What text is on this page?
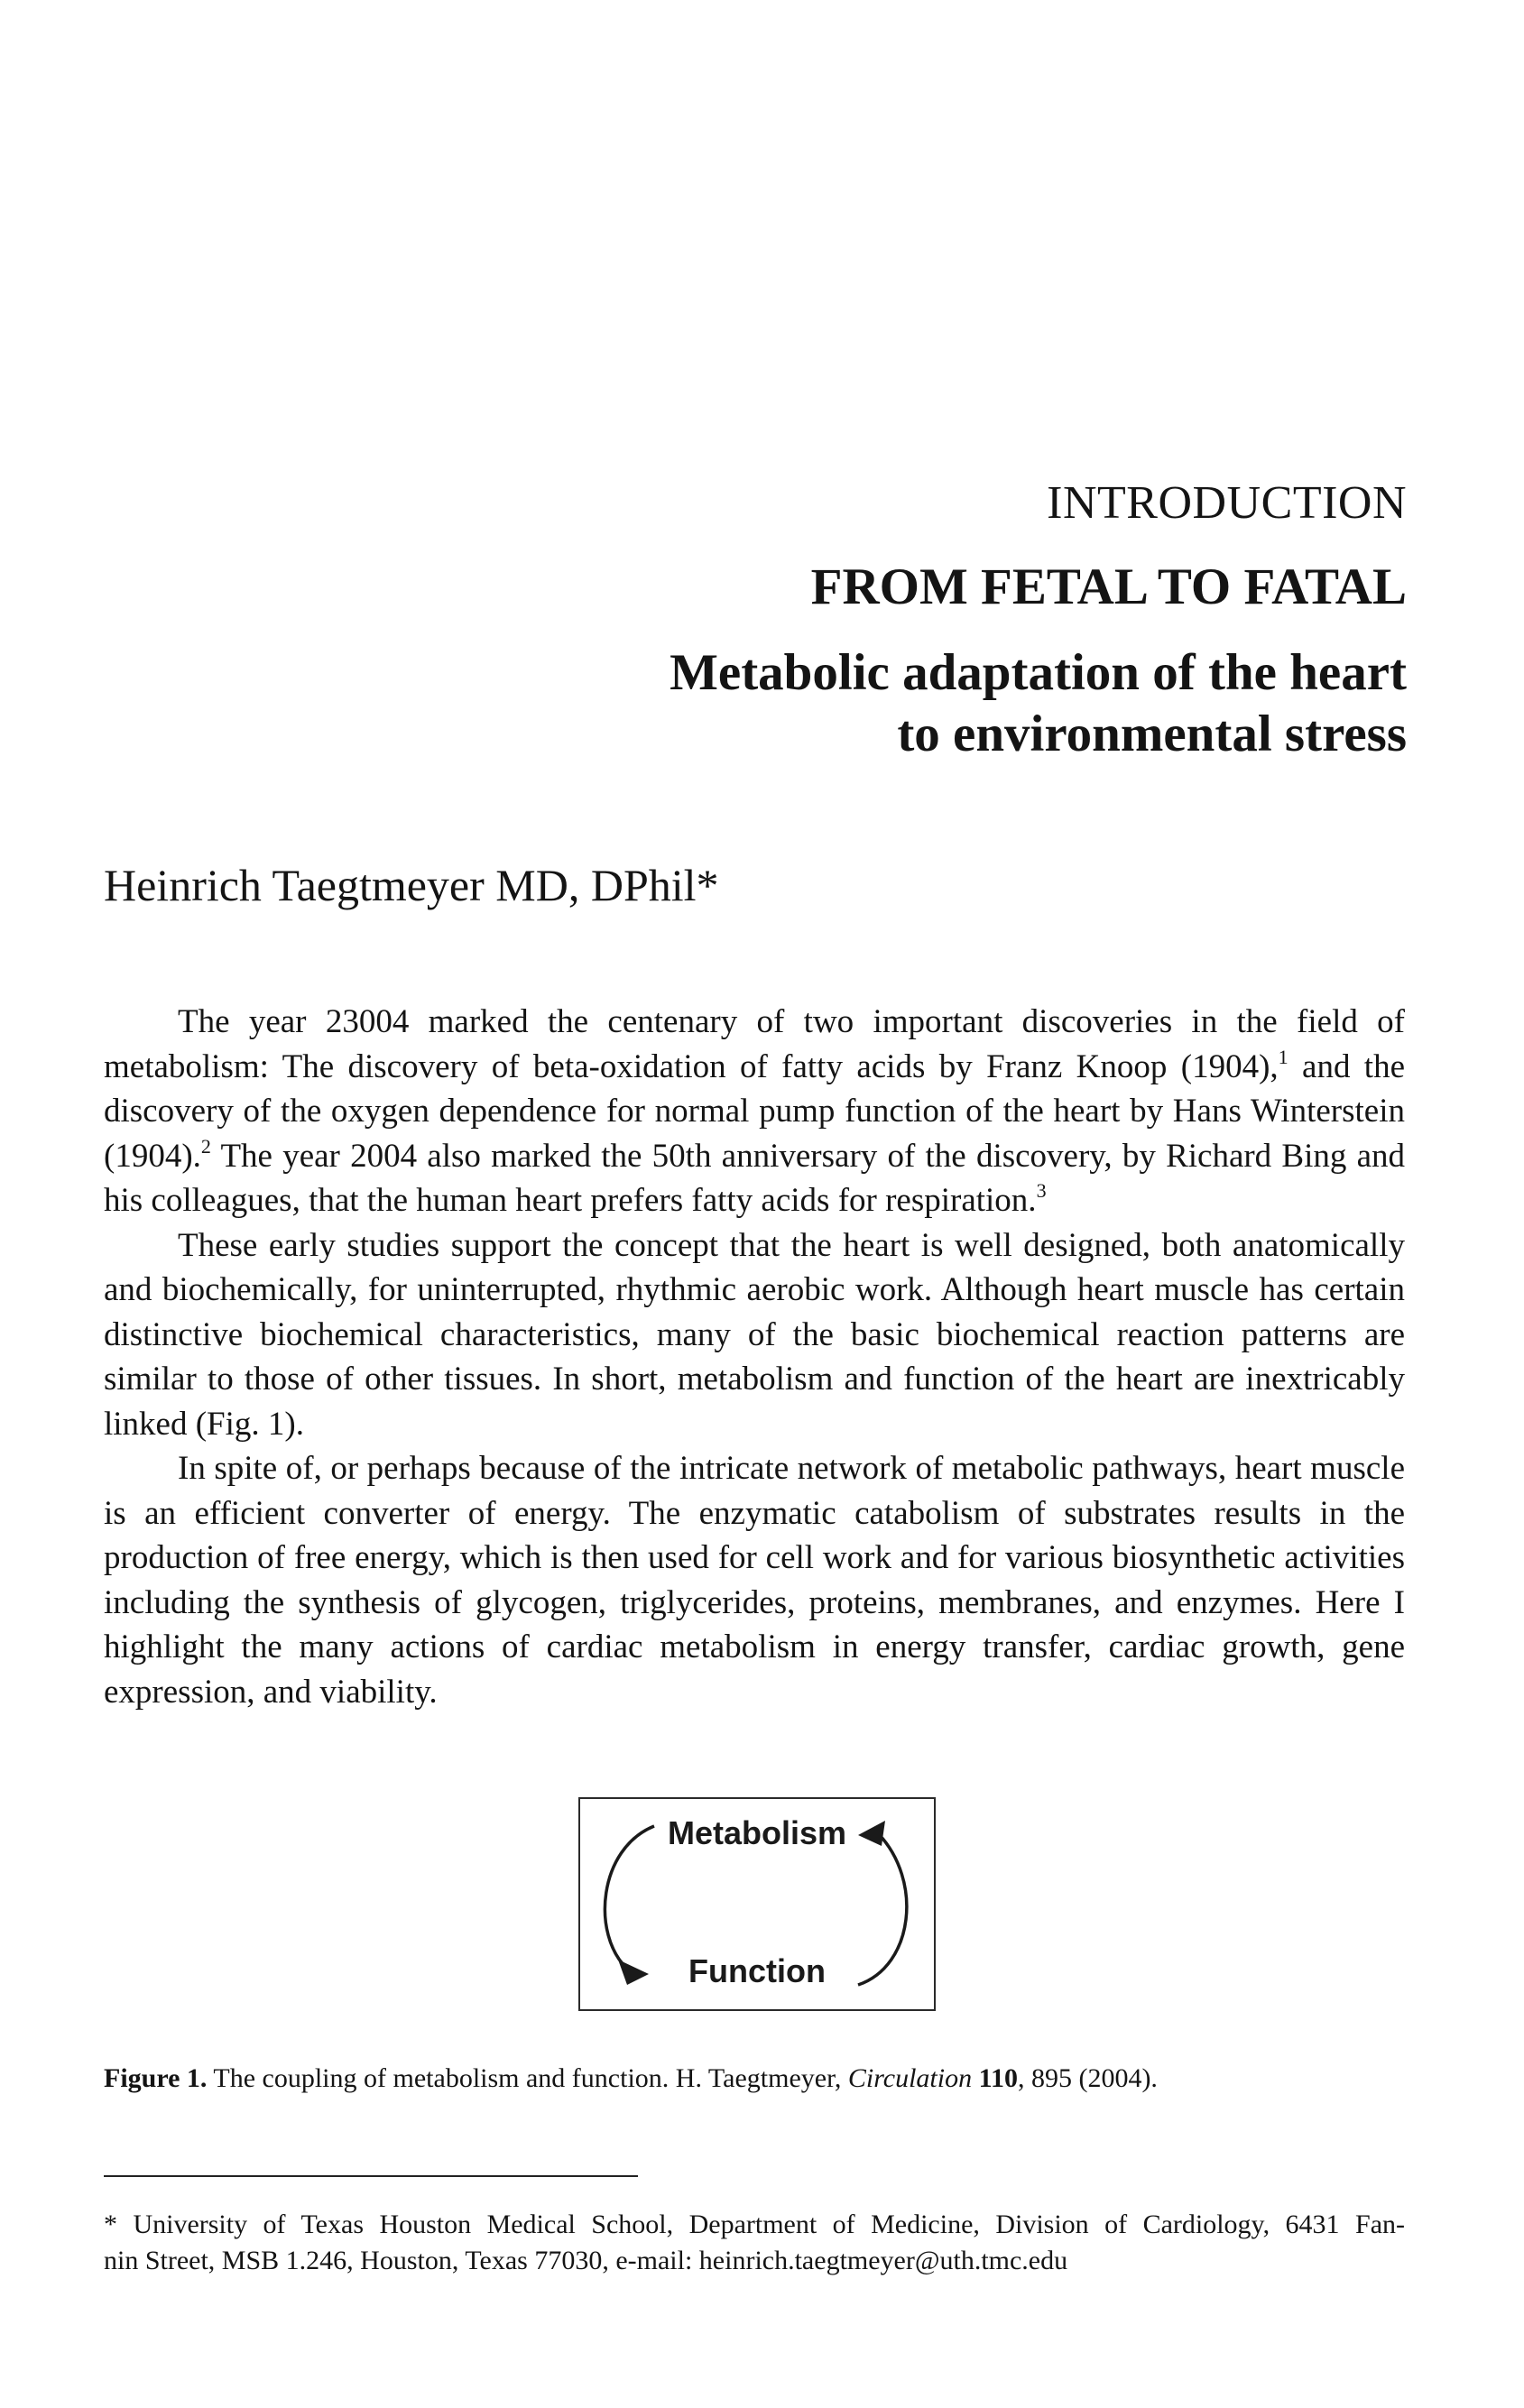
INTRODUCTION
FROM FETAL TO FATAL
Metabolic adaptation of the heart
to environmental stress
Heinrich Taegtmeyer MD, DPhil*

The year 23004 marked the centenary of two important discoveries in the field of metabolism: The discovery of beta-oxidation of fatty acids by Franz Knoop (1904),$^1$ and the discovery of the oxygen dependence for normal pump function of the heart by Hans Winterstein (1904).$^2$ The year 2004 also marked the 50th anniversary of the discovery, by Richard Bing and his colleagues, that the human heart prefers fatty acids for respiration.$^3$

These early studies support the concept that the heart is well designed, both anatomically and biochemically, for uninterrupted, rhythmic aerobic work. Although heart muscle has certain distinctive biochemical characteristics, many of the basic biochemical reaction patterns are similar to those of other tissues. In short, metabolism and function of the heart are inextricably linked (Fig. 1).

In spite of, or perhaps because of the intricate network of metabolic pathways, heart muscle is an efficient converter of energy. The enzymatic catabolism of substrates results in the production of free energy, which is then used for cell work and for various biosynthetic activities including the synthesis of glycogen, triglycerides, proteins, membranes, and enzymes. Here I highlight the many actions of cardiac metabolism in energy transfer, cardiac growth, gene expression, and viability.

Metabolism
Function
Figure 1. The coupling of metabolism and function. H. Taegtmeyer, Circulation 110, 895 (2004).
* University of Texas Houston Medical School, Department of Medicine, Division of Cardiology, 6431 Fan-
nin Street, MSB 1.246, Houston, Texas 77030, e-mail: heinrich.taegtmeyer@uth.tmc.edu
